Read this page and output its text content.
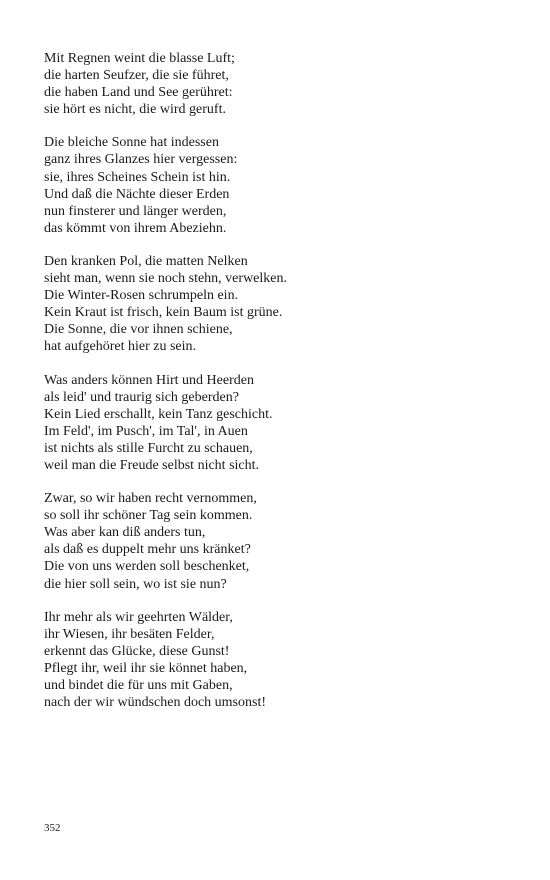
Mit Regnen weint die blasse Luft;
die harten Seufzer, die sie führet,
die haben Land und See gerühret:
sie hört es nicht, die wird geruft.
Die bleiche Sonne hat indessen
ganz ihres Glanzes hier vergessen:
sie, ihres Scheines Schein ist hin.
Und daß die Nächte dieser Erden
nun finsterer und länger werden,
das kömmt von ihrem Abeziehn.
Den kranken Pol, die matten Nelken
sieht man, wenn sie noch stehn, verwelken.
Die Winter-Rosen schrumpeln ein.
Kein Kraut ist frisch, kein Baum ist grüne.
Die Sonne, die vor ihnen schiene,
hat aufgehöret hier zu sein.
Was anders können Hirt und Heerden
als leid' und traurig sich geberden?
Kein Lied erschallt, kein Tanz geschicht.
Im Feld', im Pusch', im Tal', in Auen
ist nichts als stille Furcht zu schauen,
weil man die Freude selbst nicht sicht.
Zwar, so wir haben recht vernommen,
so soll ihr schöner Tag sein kommen.
Was aber kan diß anders tun,
als daß es duppelt mehr uns kränket?
Die von uns werden soll beschenket,
die hier soll sein, wo ist sie nun?
Ihr mehr als wir geehrten Wälder,
ihr Wiesen, ihr besäten Felder,
erkennt das Glücke, diese Gunst!
Pflegt ihr, weil ihr sie könnet haben,
und bindet die für uns mit Gaben,
nach der wir wündschen doch umsonst!
352
